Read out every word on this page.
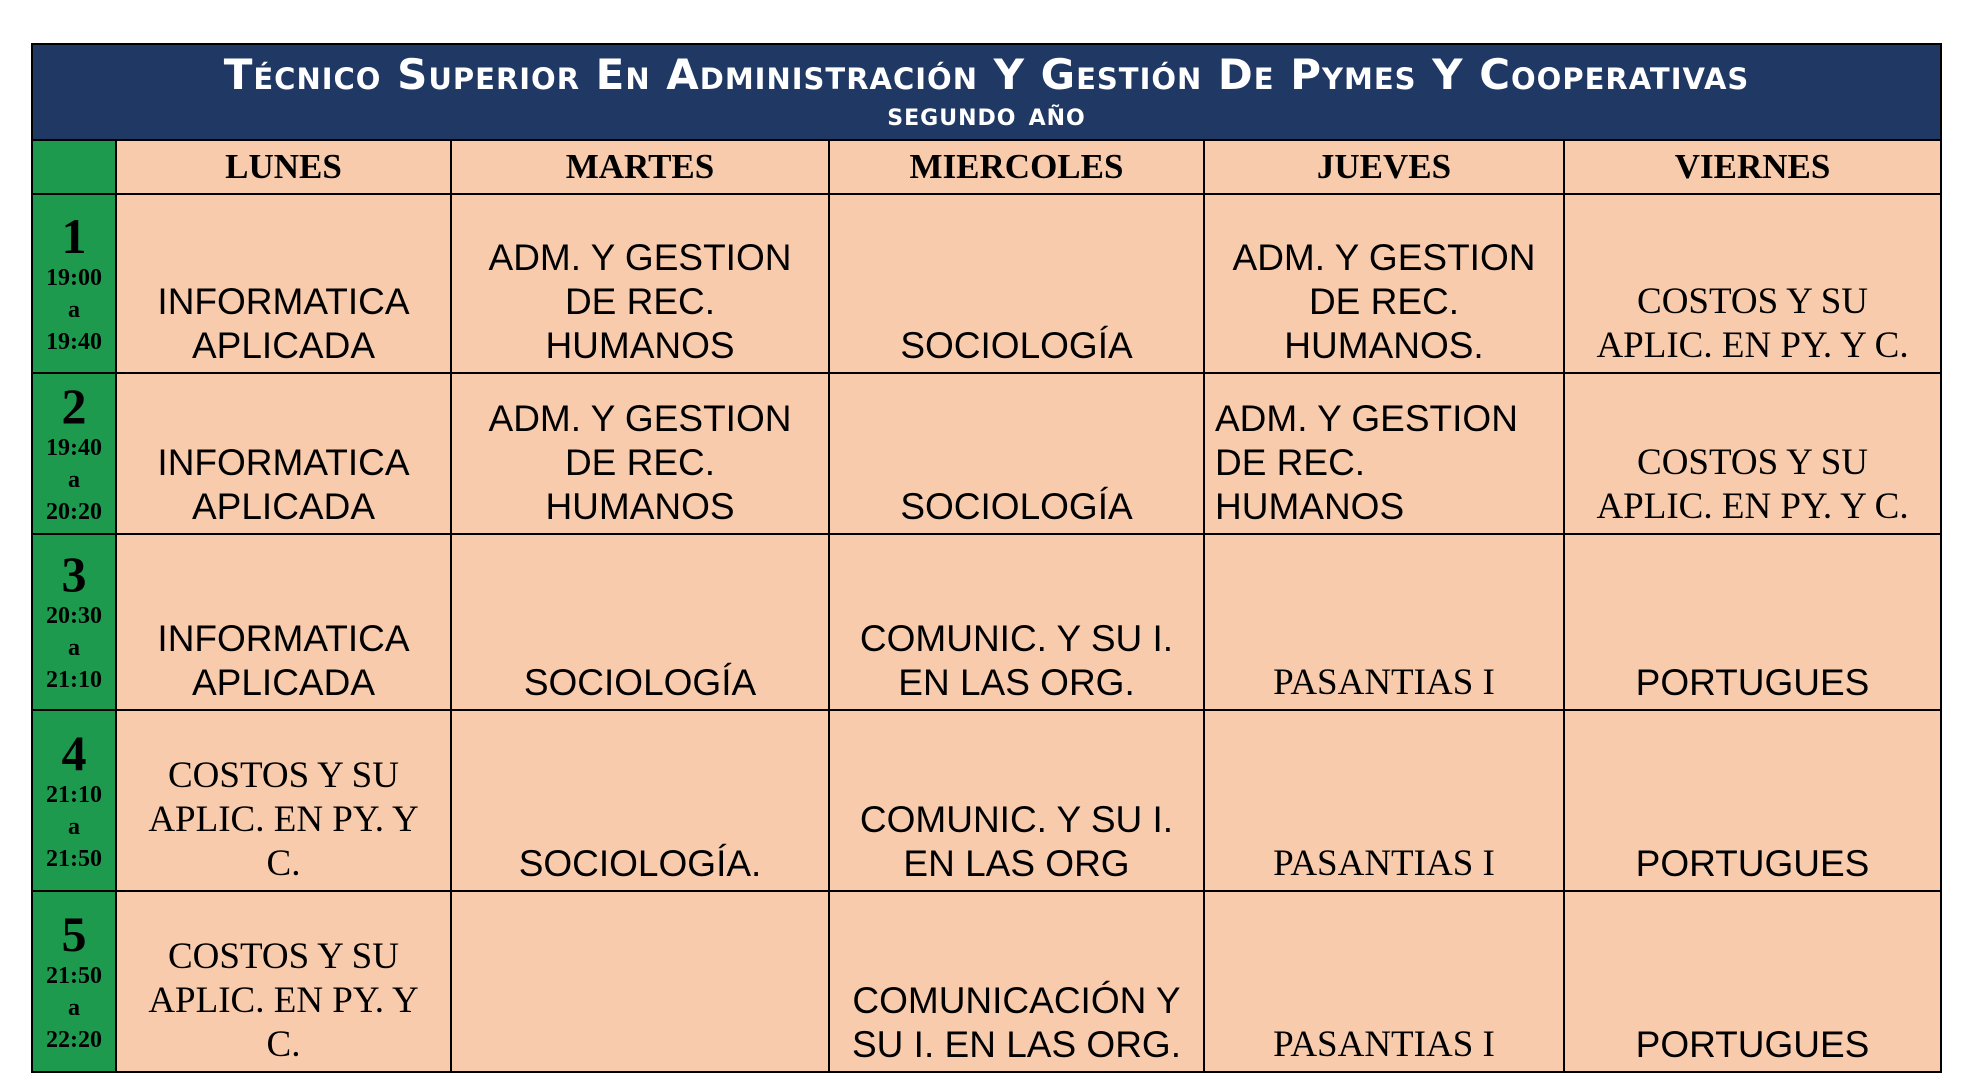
Técnico Superior En Administración Y Gestión De Pymes Y Cooperativas
segundo año					

	LUNES	MARTES	MIERCOLES	JUEVES	VIERNES

1
19:00
a
19:40	INFORMATICA
APLICADA	ADM. Y GESTION
DE REC.
HUMANOS	SOCIOLOGÍA	ADM. Y GESTION
DE REC.
HUMANOS.	COSTOS Y SU
APLIC. EN PY. Y C.

2
19:40
a
20:20	INFORMATICA
APLICADA	ADM. Y GESTION
DE REC.
HUMANOS	SOCIOLOGÍA	ADM. Y GESTION
DE REC.
HUMANOS	COSTOS Y SU
APLIC. EN PY. Y C.

3
20:30
a
21:10	INFORMATICA
APLICADA	SOCIOLOGÍA	COMUNIC. Y SU I.
EN LAS ORG.	PASANTIAS I	PORTUGUES

4
21:10
a
21:50	COSTOS Y SU
APLIC. EN PY. Y
C.	SOCIOLOGÍA.	COMUNIC. Y SU I.
EN LAS ORG	PASANTIAS I	PORTUGUES

5
21:50
a
22:20	COSTOS Y SU
APLIC. EN PY. Y
C.		COMUNICACIÓN Y
SU I. EN LAS ORG.	PASANTIAS I	PORTUGUES
